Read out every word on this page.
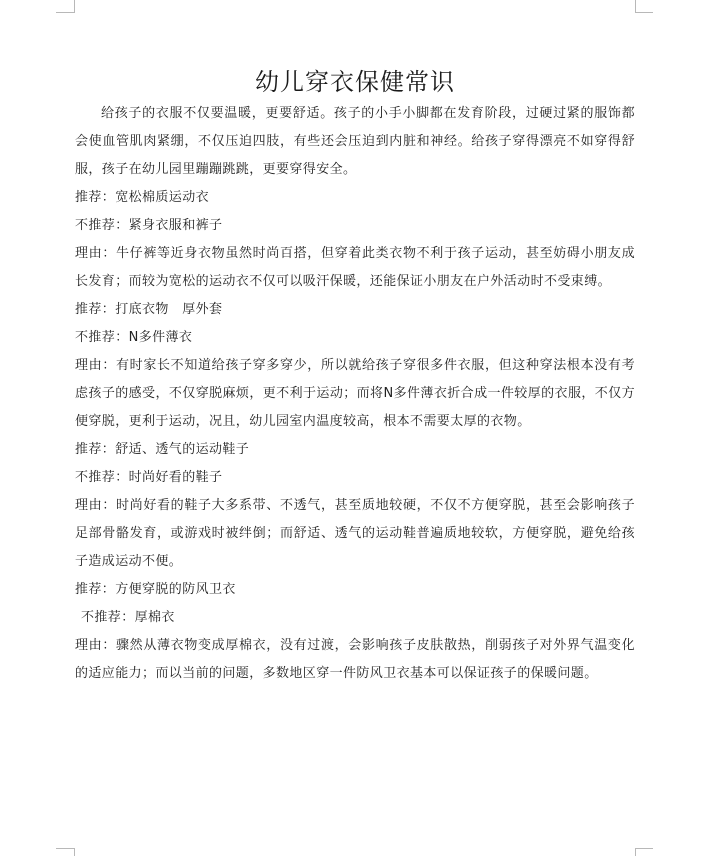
幼儿穿衣保健常识

给孩子的衣服不仅要温暖，更要舒适。孩子的小手小脚都在发育阶段，过硬过紧的服饰都会使血管肌肉紧绷，不仅压迫四肢，有些还会压迫到内脏和神经。给孩子穿得漂亮不如穿得舒服，孩子在幼儿园里蹦蹦跳跳，更要穿得安全。

推荐：宽松棉质运动衣

不推荐：紧身衣服和裤子

理由：牛仔裤等近身衣物虽然时尚百搭，但穿着此类衣物不利于孩子运动，甚至妨碍小朋友成长发育；而较为宽松的运动衣不仅可以吸汗保暖，还能保证小朋友在户外活动时不受束缚。

推荐：打底衣物　厚外套

不推荐：N多件薄衣

理由：有时家长不知道给孩子穿多穿少，所以就给孩子穿很多件衣服，但这种穿法根本没有考虑孩子的感受，不仅穿脱麻烦，更不利于运动；而将N多件薄衣折合成一件较厚的衣服，不仅方便穿脱，更利于运动，况且，幼儿园室内温度较高，根本不需要太厚的衣物。

推荐：舒适、透气的运动鞋子

不推荐：时尚好看的鞋子

理由：时尚好看的鞋子大多系带、不透气，甚至质地较硬，不仅不方便穿脱，甚至会影响孩子足部骨骼发育，或游戏时被绊倒；而舒适、透气的运动鞋普遍质地较软，方便穿脱，避免给孩子造成运动不便。

推荐：方便穿脱的防风卫衣

不推荐：厚棉衣

理由：骤然从薄衣物变成厚棉衣，没有过渡，会影响孩子皮肤散热，削弱孩子对外界气温变化的适应能力；而以当前的问题，多数地区穿一件防风卫衣基本可以保证孩子的保暖问题。
